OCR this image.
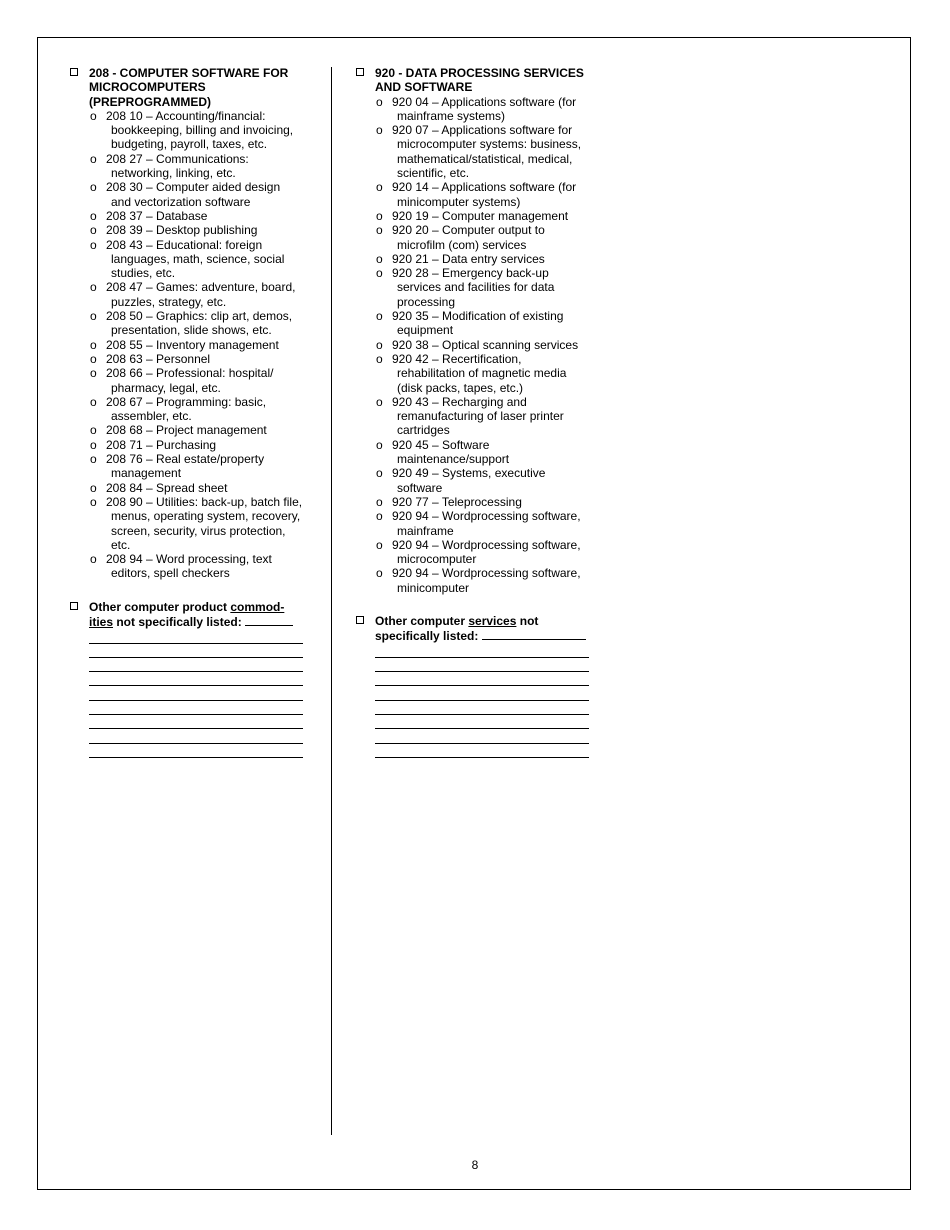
208 - COMPUTER SOFTWARE FOR
MICROCOMPUTERS
(PREPROGRAMMED)
o 208 10 – Accounting/financial:
bookkeeping, billing and invoicing,
budgeting, payroll, taxes, etc.
o 208 27 – Communications:
networking, linking, etc.
o 208 30 – Computer aided design
and vectorization software
o 208 37 – Database
o 208 39 – Desktop publishing
o 208 43 – Educational: foreign
languages, math, science, social
studies, etc.
o 208 47 – Games: adventure, board,
puzzles, strategy, etc.
o 208 50 – Graphics: clip art, demos,
presentation, slide shows, etc.
o 208 55 – Inventory management
o 208 63 – Personnel
o 208 66 – Professional: hospital/
pharmacy, legal, etc.
o 208 67 – Programming: basic,
assembler, etc.
o 208 68 – Project management
o 208 71 – Purchasing
o 208 76 – Real estate/property
management
o 208 84 – Spread sheet
o 208 90 – Utilities: back-up, batch file,
menus, operating system, recovery,
screen, security, virus protection,
etc.
o 208 94 – Word processing, text
editors, spell checkers
Other computer product commod-
ities not specifically listed:
920 - DATA PROCESSING SERVICES
AND SOFTWARE
o 920 04 – Applications software (for
mainframe systems)
o 920 07 – Applications software for
microcomputer systems: business,
mathematical/statistical, medical,
scientific, etc.
o 920 14 – Applications software (for
minicomputer systems)
o 920 19 – Computer management
o 920 20 – Computer output to
microfilm (com) services
o 920 21 – Data entry services
o 920 28 – Emergency back-up
services and facilities for data
processing
o 920 35 – Modification of existing
equipment
o 920 38 – Optical scanning services
o 920 42 – Recertification,
rehabilitation of magnetic media
(disk packs, tapes, etc.)
o 920 43 – Recharging and
remanufacturing of laser printer
cartridges
o 920 45 – Software
maintenance/support
o 920 49 – Systems, executive
software
o 920 77 – Teleprocessing
o 920 94 – Wordprocessing software,
mainframe
o 920 94 – Wordprocessing software,
microcomputer
o 920 94 – Wordprocessing software,
minicomputer
Other computer services not
specifically listed:
8
